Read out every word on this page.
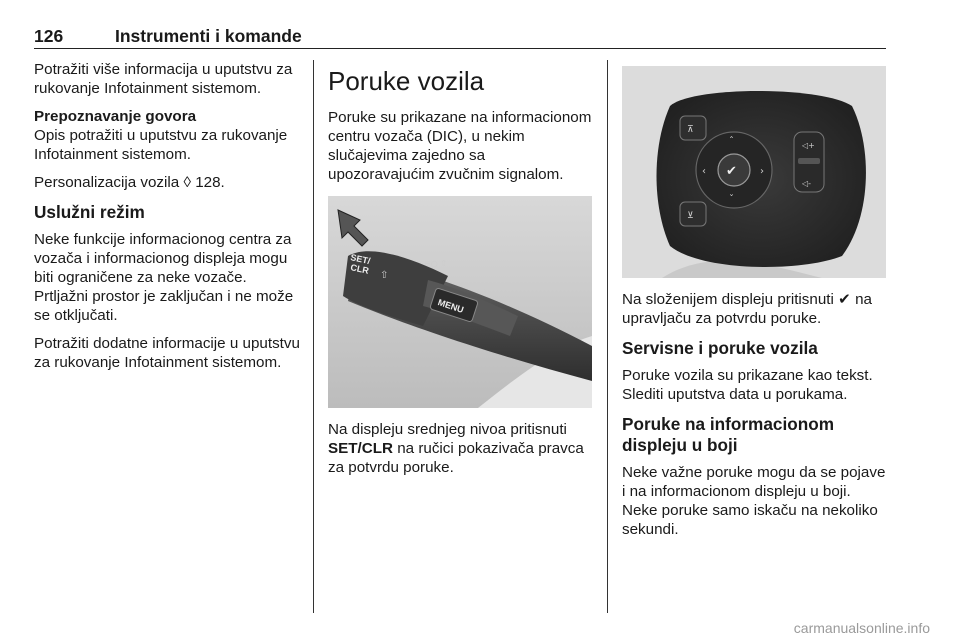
126	Instrumenti i komande

Potražiti više informacija u uputstvu za rukovanje Infotainment sistemom.

Prepoznavanje govora
Opis potražiti u uputstvu za rukovanje Infotainment sistemom.

Personalizacija vozila ◊ 128.

Uslužni režim

Neke funkcije informacionog centra za vozača i informacionog displeja mogu biti ograničene za neke vozače. Prtljažni prostor je zaključan i ne može se otključati.

Potražiti dodatne informacije u uputstvu za rukovanje Infotainment sistemom.

Poruke vozila

Poruke su prikazane na informacionom centru vozača (DIC), u nekim slučajevima zajedno sa upozoravajućim zvučnim signalom.

MENU
SET/
CLR ⇧
≡○ ⇧
⇦ ↻

Na displeju srednjeg nivoa pritisnuti SET/CLR na ručici pokazivača pravca za potvrdu poruke.

⊼
⊻
ˆ
ˇ
‹	›
✔
◁+
◁-

Na složenijem displeju pritisnuti ✔ na upravljaču za potvrdu poruke.

Servisne i poruke vozila

Poruke vozila su prikazane kao tekst. Slediti uputstva data u porukama.

Poruke na informacionom displeju u boji

Neke važne poruke mogu da se pojave i na informacionom displeju u boji. Neke poruke samo iskaču na nekoliko sekundi.

carmanualsonline.info
